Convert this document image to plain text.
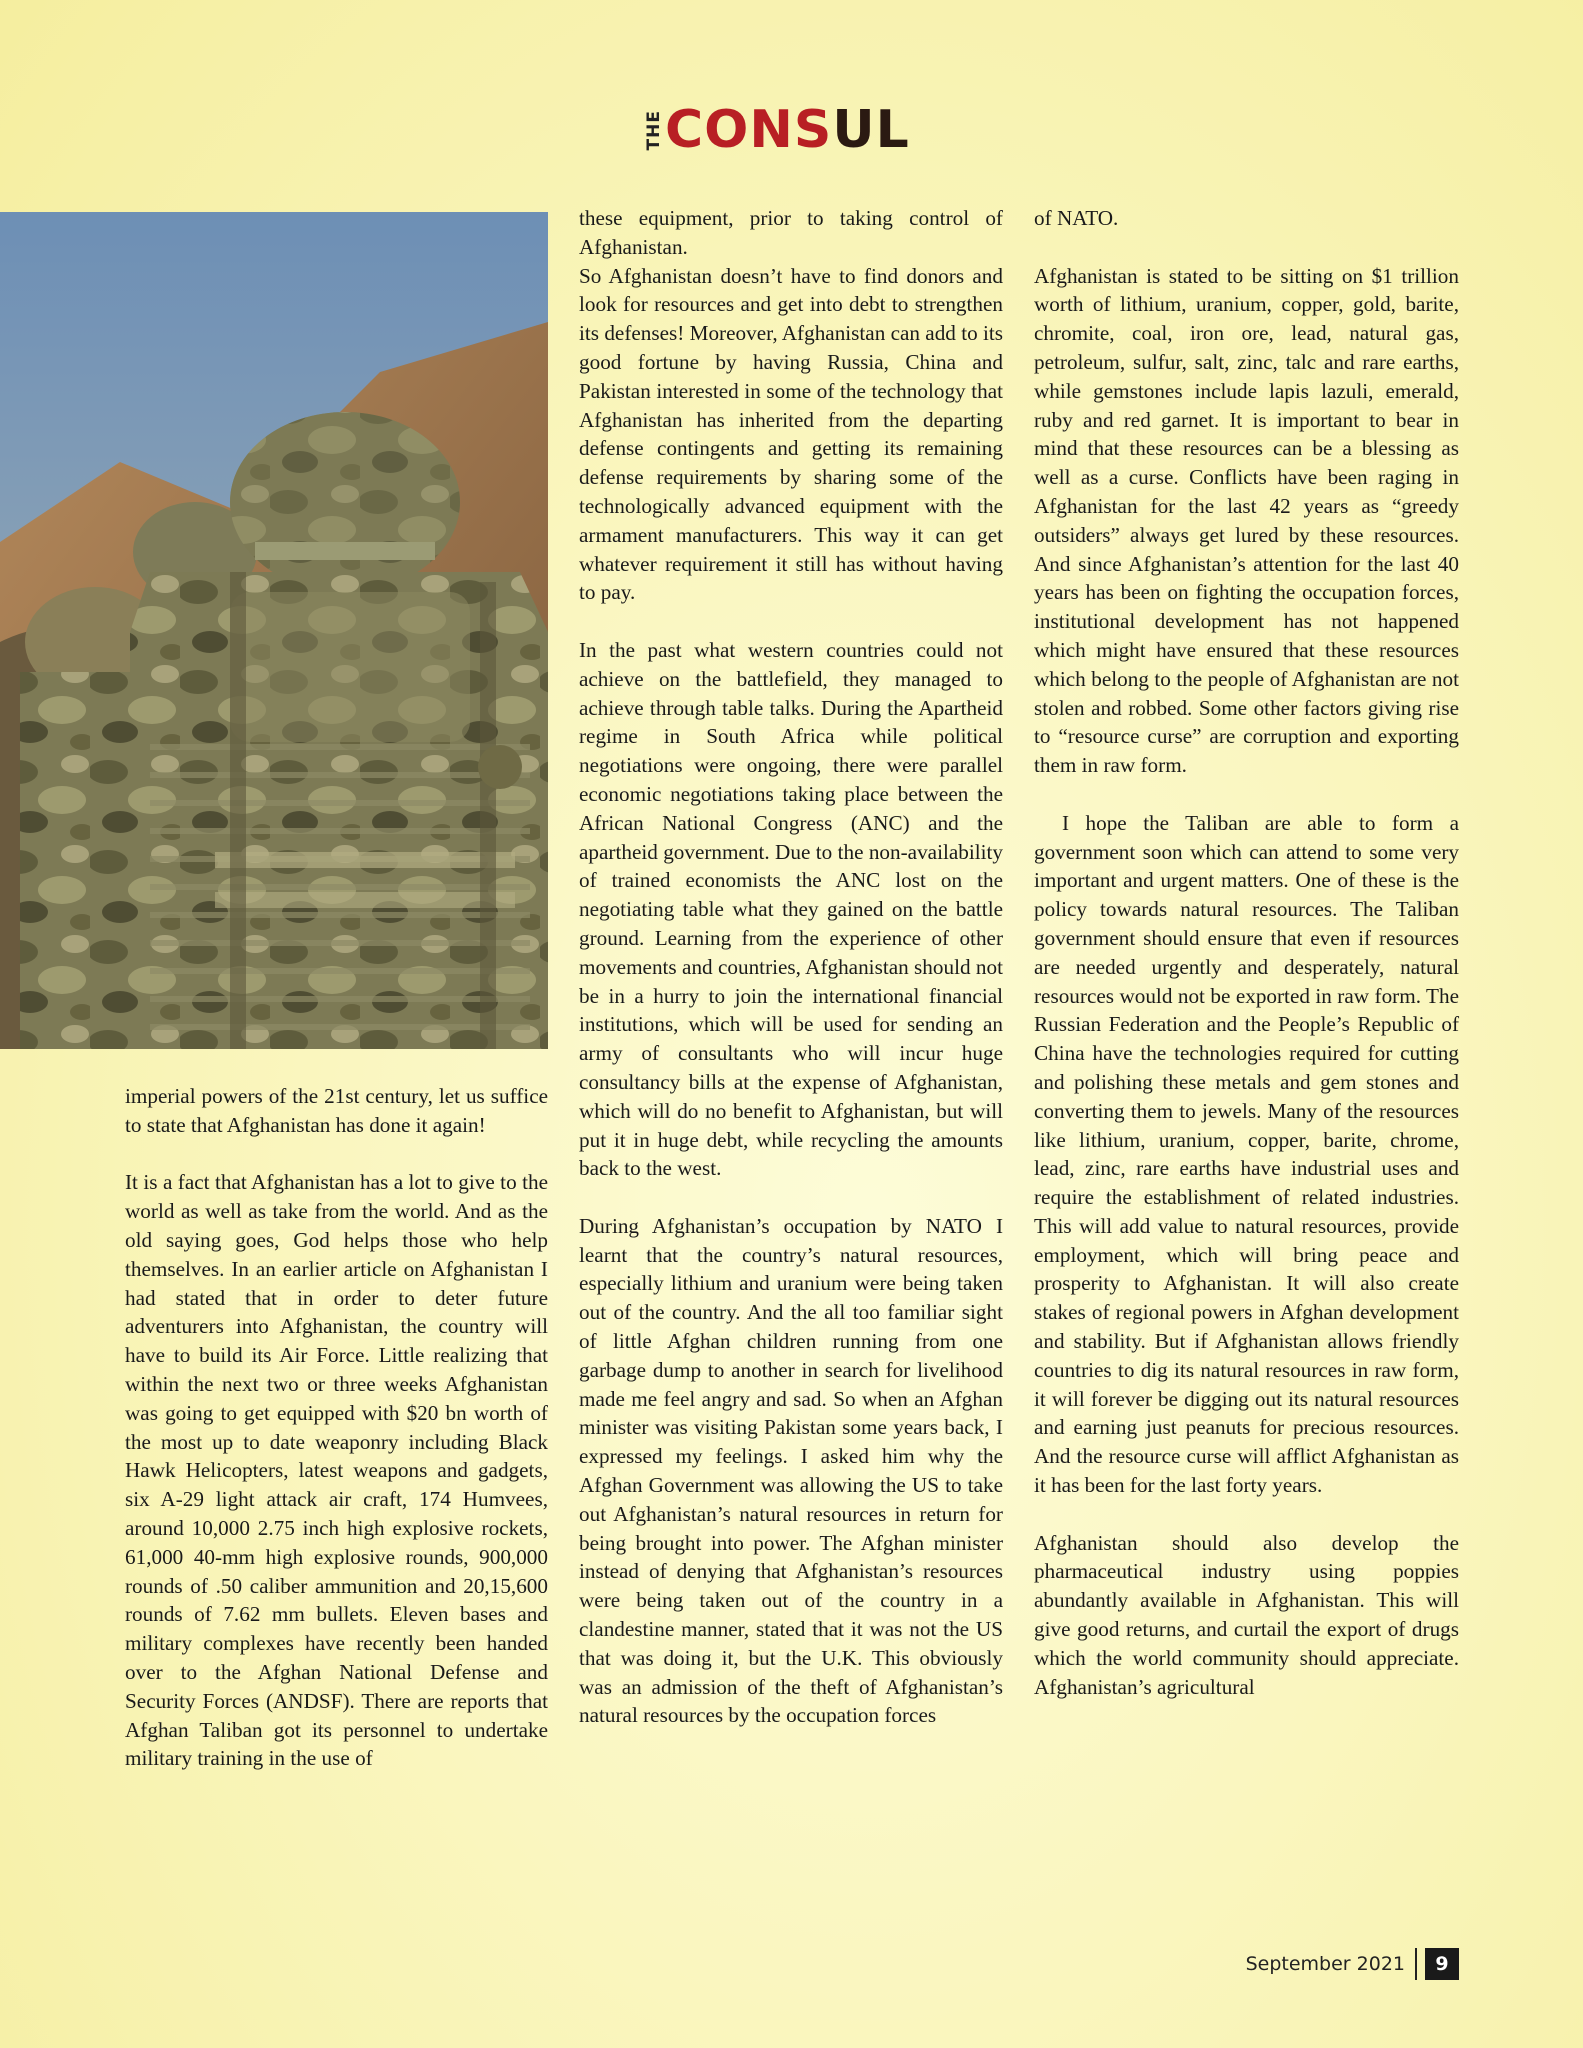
THE CONSUL

imperial powers of the 21st century, let us suffice to state that Afghanistan has done it again!

It is a fact that Afghanistan has a lot to give to the world as well as take from the world. And as the old saying goes, God helps those who help themselves. In an earlier article on Afghanistan I had stated that in order to deter future adventurers into Afghanistan, the country will have to build its Air Force. Little realizing that within the next two or three weeks Afghanistan was going to get equipped with $20 bn worth of the most up to date weaponry including Black Hawk Helicopters, latest weapons and gadgets, six A-29 light attack air craft, 174 Humvees, around 10,000 2.75 inch high explosive rockets, 61,000 40-mm high explosive rounds, 900,000 rounds of .50 caliber ammunition and 20,15,600 rounds of 7.62 mm bullets. Eleven bases and military complexes have recently been handed over to the Afghan National Defense and Security Forces (ANDSF). There are reports that Afghan Taliban got its personnel to undertake military training in the use of

these equipment, prior to taking control of Afghanistan.

So Afghanistan doesn’t have to find donors and look for resources and get into debt to strengthen its defenses! Moreover, Afghanistan can add to its good fortune by having Russia, China and Pakistan interested in some of the technology that Afghanistan has inherited from the departing defense contingents and getting its remaining defense requirements by sharing some of the technologically advanced equipment with the armament manufacturers. This way it can get whatever requirement it still has without having to pay.

In the past what western countries could not achieve on the battlefield, they managed to achieve through table talks. During the Apartheid regime in South Africa while political negotiations were ongoing, there were parallel economic negotiations taking place between the African National Congress (ANC) and the apartheid government. Due to the non-availability of trained economists the ANC lost on the negotiating table what they gained on the battle ground. Learning from the experience of other movements and countries, Afghanistan should not be in a hurry to join the international financial institutions, which will be used for sending an army of consultants who will incur huge consultancy bills at the expense of Afghanistan, which will do no benefit to Afghanistan, but will put it in huge debt, while recycling the amounts back to the west.

During Afghanistan’s occupation by NATO I learnt that the country’s natural resources, especially lithium and uranium were being taken out of the country. And the all too familiar sight of little Afghan children running from one garbage dump to another in search for livelihood made me feel angry and sad. So when an Afghan minister was visiting Pakistan some years back, I expressed my feelings. I asked him why the Afghan Government was allowing the US to take out Afghanistan’s natural resources in return for being brought into power. The Afghan minister instead of denying that Afghanistan’s resources were being taken out of the country in a clandestine manner, stated that it was not the US that was doing it, but the U.K. This obviously was an admission of the theft of Afghanistan’s natural resources by the occupation forces

of NATO.

Afghanistan is stated to be sitting on $1 trillion worth of lithium, uranium, copper, gold, barite, chromite, coal, iron ore, lead, natural gas, petroleum, sulfur, salt, zinc, talc and rare earths, while gemstones include lapis lazuli, emerald, ruby and red garnet. It is important to bear in mind that these resources can be a blessing as well as a curse. Conflicts have been raging in Afghanistan for the last 42 years as “greedy outsiders” always get lured by these resources. And since Afghanistan’s attention for the last 40 years has been on fighting the occupation forces, institutional development has not happened which might have ensured that these resources which belong to the people of Afghanistan are not stolen and robbed. Some other factors giving rise to “resource curse” are corruption and exporting them in raw form.

I hope the Taliban are able to form a government soon which can attend to some very important and urgent matters. One of these is the policy towards natural resources. The Taliban government should ensure that even if resources are needed urgently and desperately, natural resources would not be exported in raw form. The Russian Federation and the People’s Republic of China have the technologies required for cutting and polishing these metals and gem stones and converting them to jewels. Many of the resources like lithium, uranium, copper, barite, chrome, lead, zinc, rare earths have industrial uses and require the establishment of related industries. This will add value to natural resources, provide employment, which will bring peace and prosperity to Afghanistan. It will also create stakes of regional powers in Afghan development and stability. But if Afghanistan allows friendly countries to dig its natural resources in raw form, it will forever be digging out its natural resources and earning just peanuts for precious resources. And the resource curse will afflict Afghanistan as it has been for the last forty years.

Afghanistan should also develop the pharmaceutical industry using poppies abundantly available in Afghanistan. This will give good returns, and curtail the export of drugs which the world community should appreciate. Afghanistan’s agricultural

September 2021	9
